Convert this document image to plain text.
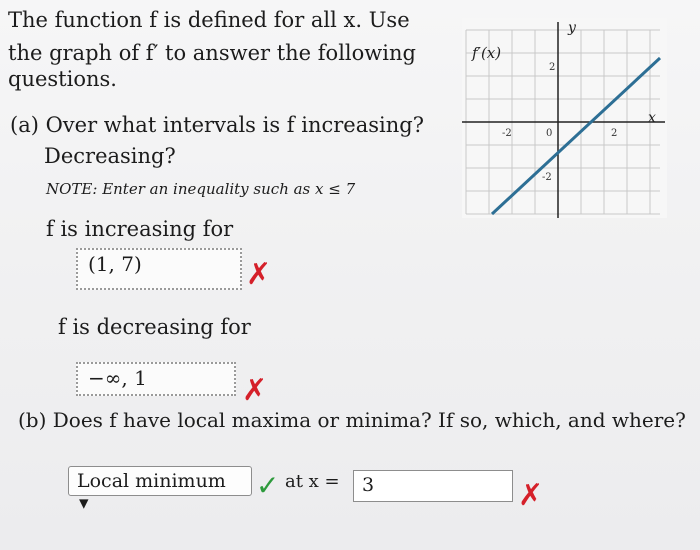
The function f is defined for all x. Use
the graph of f′ to answer the following
questions.
(a) Over what intervals is f increasing?
Decreasing?
NOTE: Enter an inequality such as x ≤ 7
f is increasing for
(1, 7)	✗
f is decreasing for
−∞, 1	✗
(b) Does f have local maxima or minima? If so, which, and where?
Local minimum ▾
✓ at x =	3	✗
f′(x)
y
x
-2	0	2
2
-2
